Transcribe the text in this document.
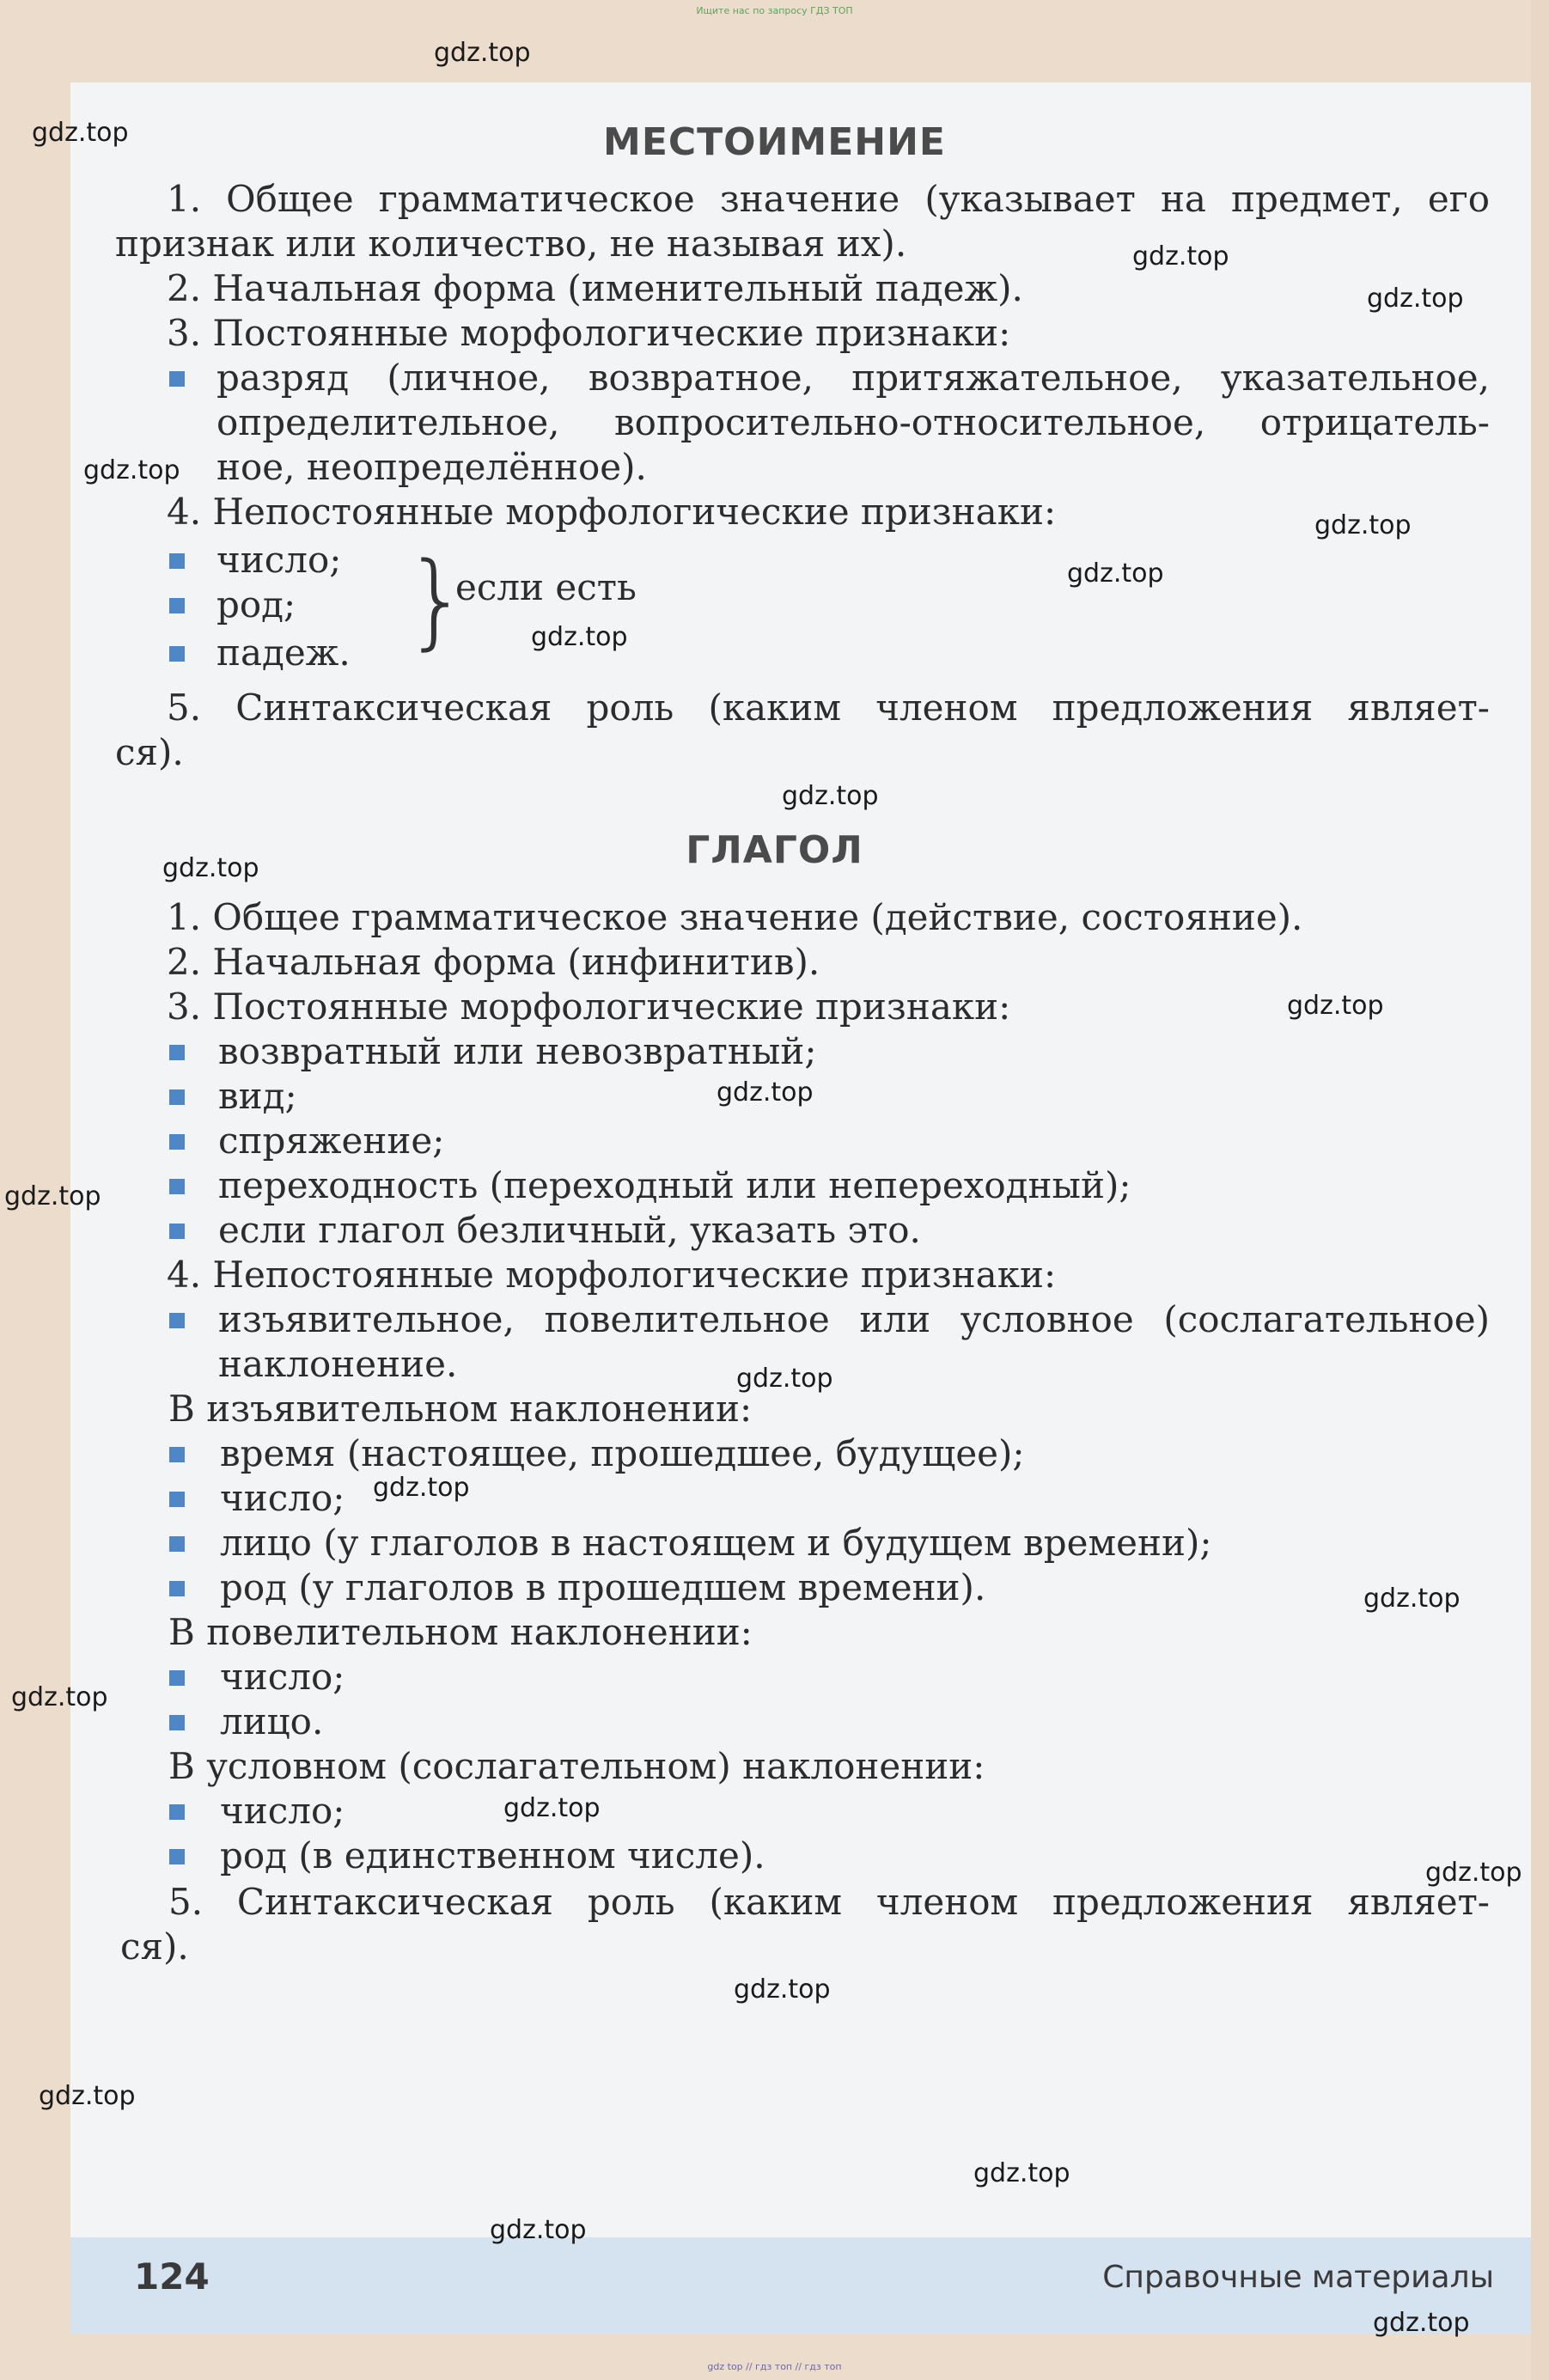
Ищите нас по запросу ГДЗ ТОП
МЕСТОИМЕНИЕ
1. Общее грамматическое значение (указывает на предмет, его
признак или количество, не называя их).
2. Начальная форма (именительный падеж).
3. Постоянные морфологические признаки:
разряд (личное, возвратное, притяжательное, указательное,
определительное, вопросительно-относительное, отрицатель-
ное, неопределённое).
4. Непостоянные морфологические признаки:
число;
род; }
если есть
падеж.
5. Синтаксическая роль (каким членом предложения являет-
ся).
ГЛАГОЛ
1. Общее грамматическое значение (действие, состояние).
2. Начальная форма (инфинитив).
3. Постоянные морфологические признаки:
возвратный или невозвратный;
вид;
спряжение;
переходность (переходный или непереходный);
если глагол безличный, указать это.
4. Непостоянные морфологические признаки:
изъявительное, повелительное или условное (сослагательное)
наклонение.
В изъявительном наклонении:
время (настоящее, прошедшее, будущее);
число;
лицо (у глаголов в настоящем и будущем времени);
род (у глаголов в прошедшем времени).
В повелительном наклонении:
число;
лицо.
В условном (сослагательном) наклонении:
число;
род (в единственном числе).
5. Синтаксическая роль (каким членом предложения являет-
ся).
124	Справочные материалы
gdz top // гдз топ // гдз топ
gdz.top
gdz.top
gdz.top
gdz.top
gdz.top
gdz.top
gdz.top
gdz.top
gdz.top
gdz.top
gdz.top
gdz.top
gdz.top
gdz.top
gdz.top
gdz.top
gdz.top
gdz.top
gdz.top
gdz.top
gdz.top
gdz.top
gdz.top
gdz.top
